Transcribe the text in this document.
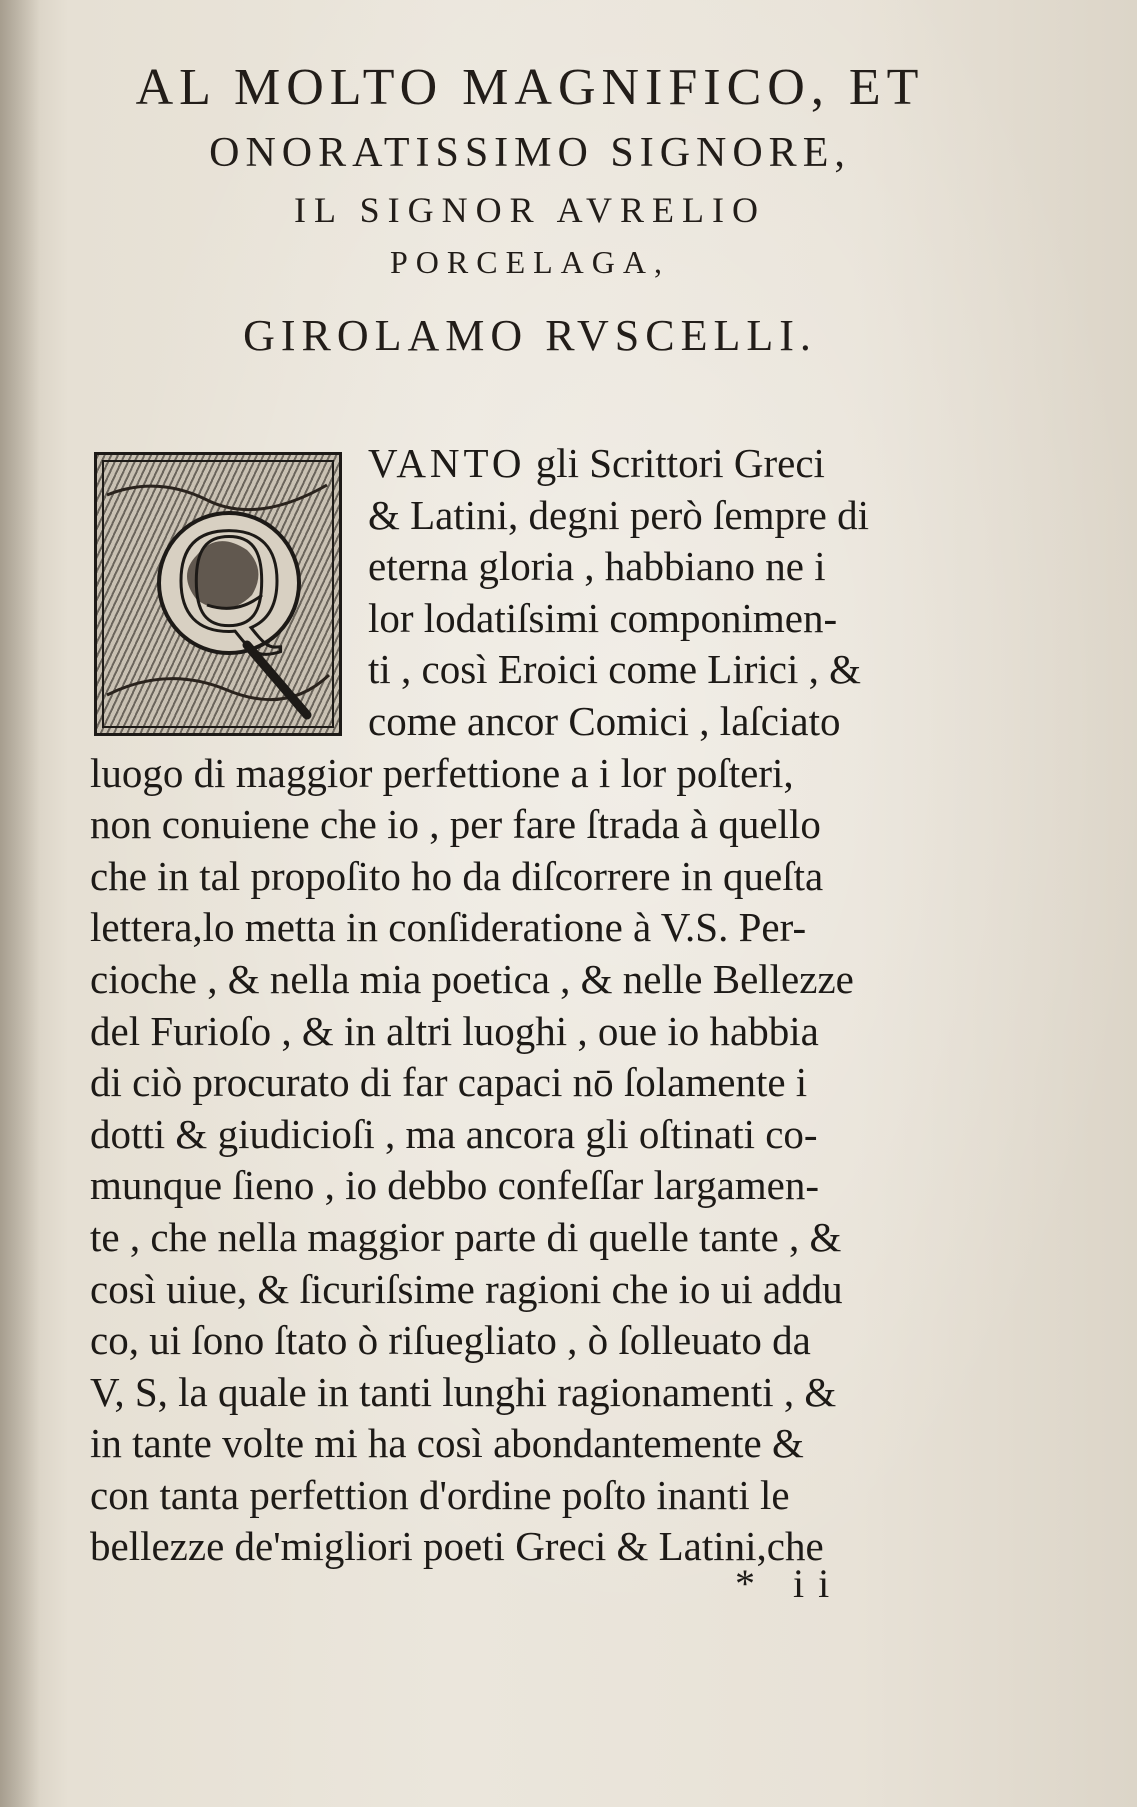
AL MOLTO MAGNIFICO, ET
ONORATISSIMO SIGNORE,
IL SIGNOR AVRELIO
PORCELAGA,
GIROLAMO RVSCELLI.
Q
VANTO gli Scrittori Greci
& Latini, degni però ſempre di
eterna gloria , habbiano ne i
lor lodatiſsimi componimen-
ti , così Eroici come Lirici , &
come ancor Comici , laſciato
luogo di maggior perfettione a i lor poſteri,
non conuiene che io , per fare ſtrada à quello
che in tal propoſito ho da diſcorrere in queſta
lettera,lo metta in conſideratione à V.S. Per-
cioche , & nella mia poetica , & nelle Bellezze
del Furioſo , & in altri luoghi , oue io habbia
di ciò procurato di far capaci nō ſolamente i
dotti & giudicioſi , ma ancora gli oſtinati co-
munque ſieno , io debbo confeſſar largamen-
te , che nella maggior parte di quelle tante , &
così uiue, & ſicuriſsime ragioni che io ui addu
co, ui ſono ſtato ò riſuegliato , ò ſolleuato da
V, S, la quale in tanti lunghi ragionamenti , &
in tante volte mi ha così abondantemente &
con tanta perfettion d'ordine poſto inanti le
bellezze de'migliori poeti Greci & Latini,che
* ii
